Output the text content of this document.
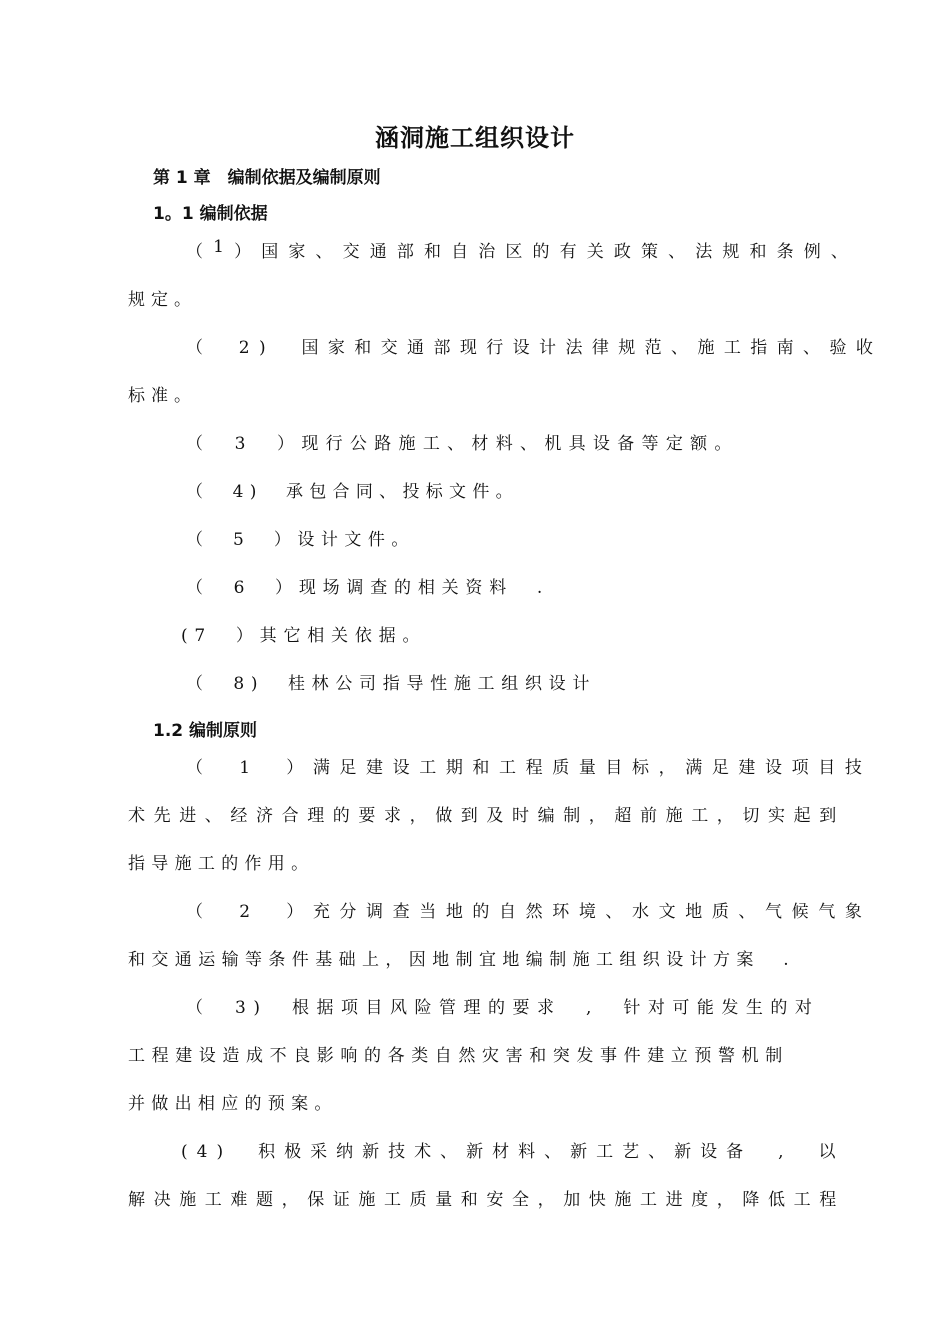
涵洞施工组织设计
第 1 章　编制依据及编制原则
1。1 编制依据
（ 1 ） 国 家 、 交 通 部 和 自 治 区 的 有 关 政 策 、 法 规 和 条 例 、
规定。
（　2)　国家和交通部现行设计法律规范、施工指南、验收
标准。
（　3　）现行公路施工、材料、机具设备等定额。
（　4)　承包合同、投标文件。
（　5　）设计文件。
（　6　）现场调查的相关资料　.
(7　）其它相关依据。
（　8)　桂林公司指导性施工组织设计
1.2 编制原则
（　1　）满足建设工期和工程质量目标，满足建设项目技
术先进、经济合理的要求，做到及时编制，超前施工，切实起到
指导施工的作用。
（　2　）充分调查当地的自然环境、水文地质、气候气象
和交通运输等条件基础上，因地制宜地编制施工组织设计方案　.
（　3)　根据项目风险管理的要求　,　针对可能发生的对
工程建设造成不良影响的各类自然灾害和突发事件建立预警机制
并做出相应的预案。
(4)　积极采纳新技术、新材料、新工艺、新设备　,　以
解决施工难题，保证施工质量和安全，加快施工进度，降低工程
